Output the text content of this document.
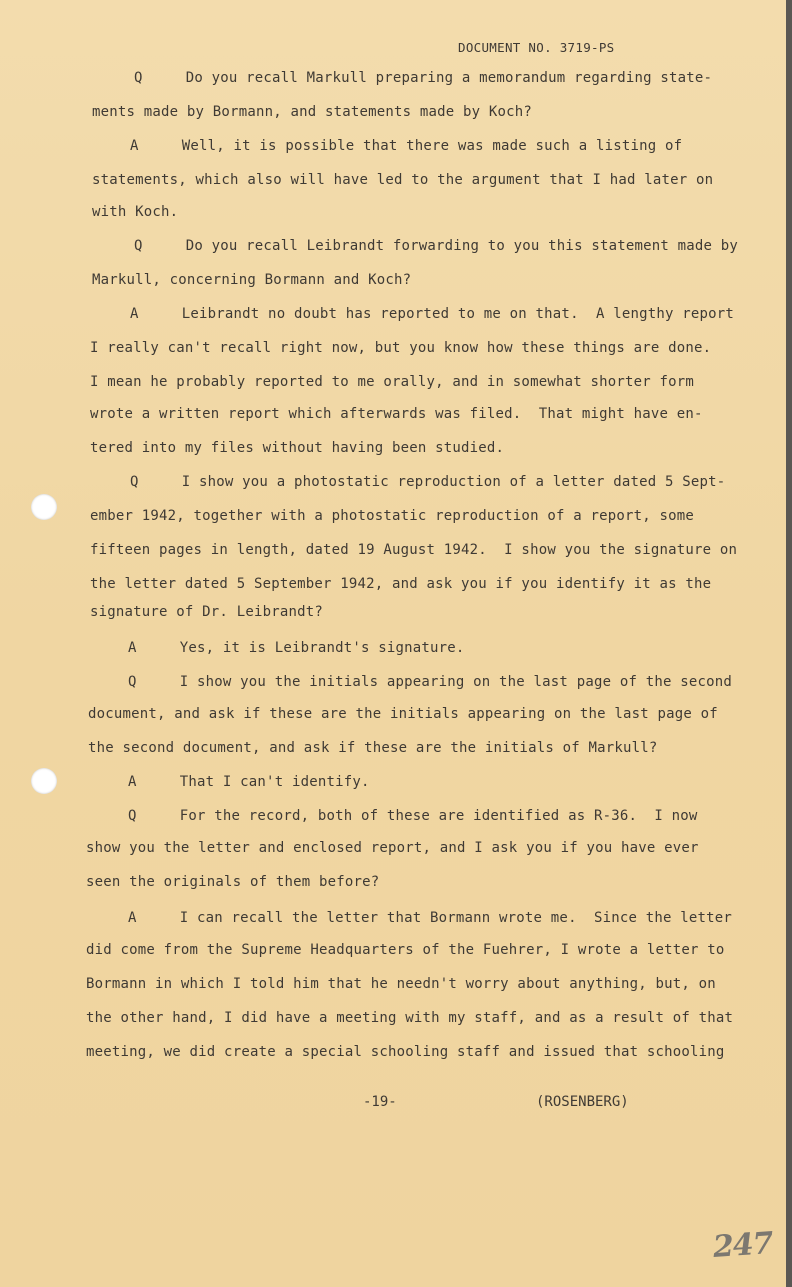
DOCUMENT NO. 3719-PS
Q     Do you recall Markull preparing a memorandum regarding state-
ments made by Bormann, and statements made by Koch?
A     Well, it is possible that there was made such a listing of
statements, which also will have led to the argument that I had later on
with Koch.
Q     Do you recall Leibrandt forwarding to you this statement made by
Markull, concerning Bormann and Koch?
A     Leibrandt no doubt has reported to me on that.  A lengthy report
I really can't recall right now, but you know how these things are done.
I mean he probably reported to me orally, and in somewhat shorter form
wrote a written report which afterwards was filed.  That might have en-
tered into my files without having been studied.
Q     I show you a photostatic reproduction of a letter dated 5 Sept-
ember 1942, together with a photostatic reproduction of a report, some
fifteen pages in length, dated 19 August 1942.  I show you the signature on
the letter dated 5 September 1942, and ask you if you identify it as the
signature of Dr. Leibrandt?
A     Yes, it is Leibrandt's signature.
Q     I show you the initials appearing on the last page of the second
document, and ask if these are the initials appearing on the last page of
the second document, and ask if these are the initials of Markull?
A     That I can't identify.
Q     For the record, both of these are identified as R-36.  I now
show you the letter and enclosed report, and I ask you if you have ever
seen the originals of them before?
A     I can recall the letter that Bormann wrote me.  Since the letter
did come from the Supreme Headquarters of the Fuehrer, I wrote a letter to
Bormann in which I told him that he needn't worry about anything, but, on
the other hand, I did have a meeting with my staff, and as a result of that
meeting, we did create a special schooling staff and issued that schooling
-19-	(ROSENBERG)
247
